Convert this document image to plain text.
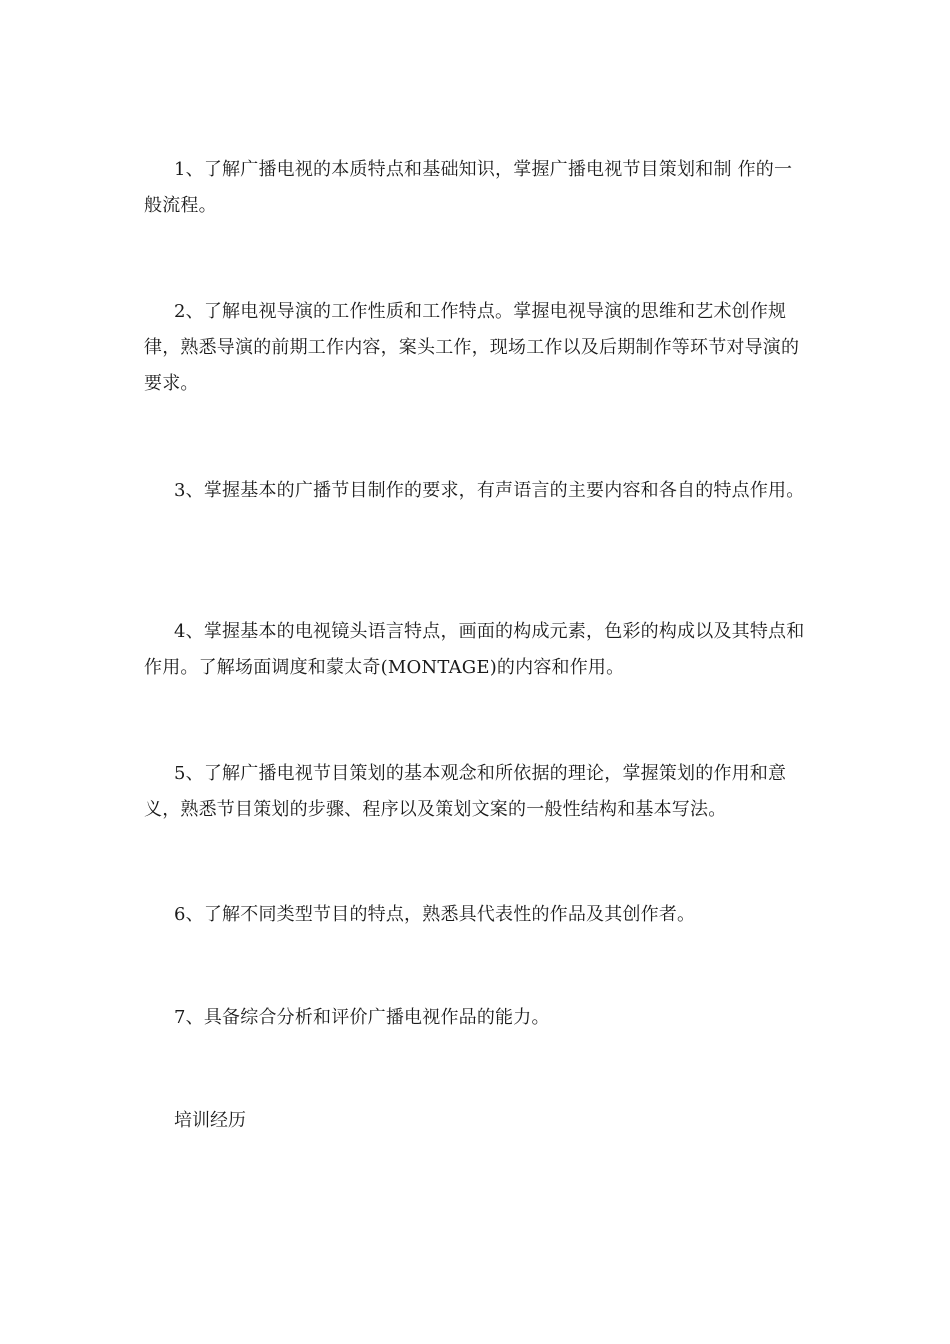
1、了解广播电视的本质特点和基础知识，掌握广播电视节目策划和制 作的一般流程。

2、了解电视导演的工作性质和工作特点。掌握电视导演的思维和艺术创作规律，熟悉导演的前期工作内容，案头工作，现场工作以及后期制作等环节对导演的要求。

3、掌握基本的广播节目制作的要求，有声语言的主要内容和各自的特点作用。

4、掌握基本的电视镜头语言特点，画面的构成元素，色彩的构成以及其特点和作用。了解场面调度和蒙太奇(MONTAGE)的内容和作用。

5、了解广播电视节目策划的基本观念和所依据的理论，掌握策划的作用和意义，熟悉节目策划的步骤、程序以及策划文案的一般性结构和基本写法。

6、了解不同类型节目的特点，熟悉具代表性的作品及其创作者。

7、具备综合分析和评价广播电视作品的能力。

培训经历
